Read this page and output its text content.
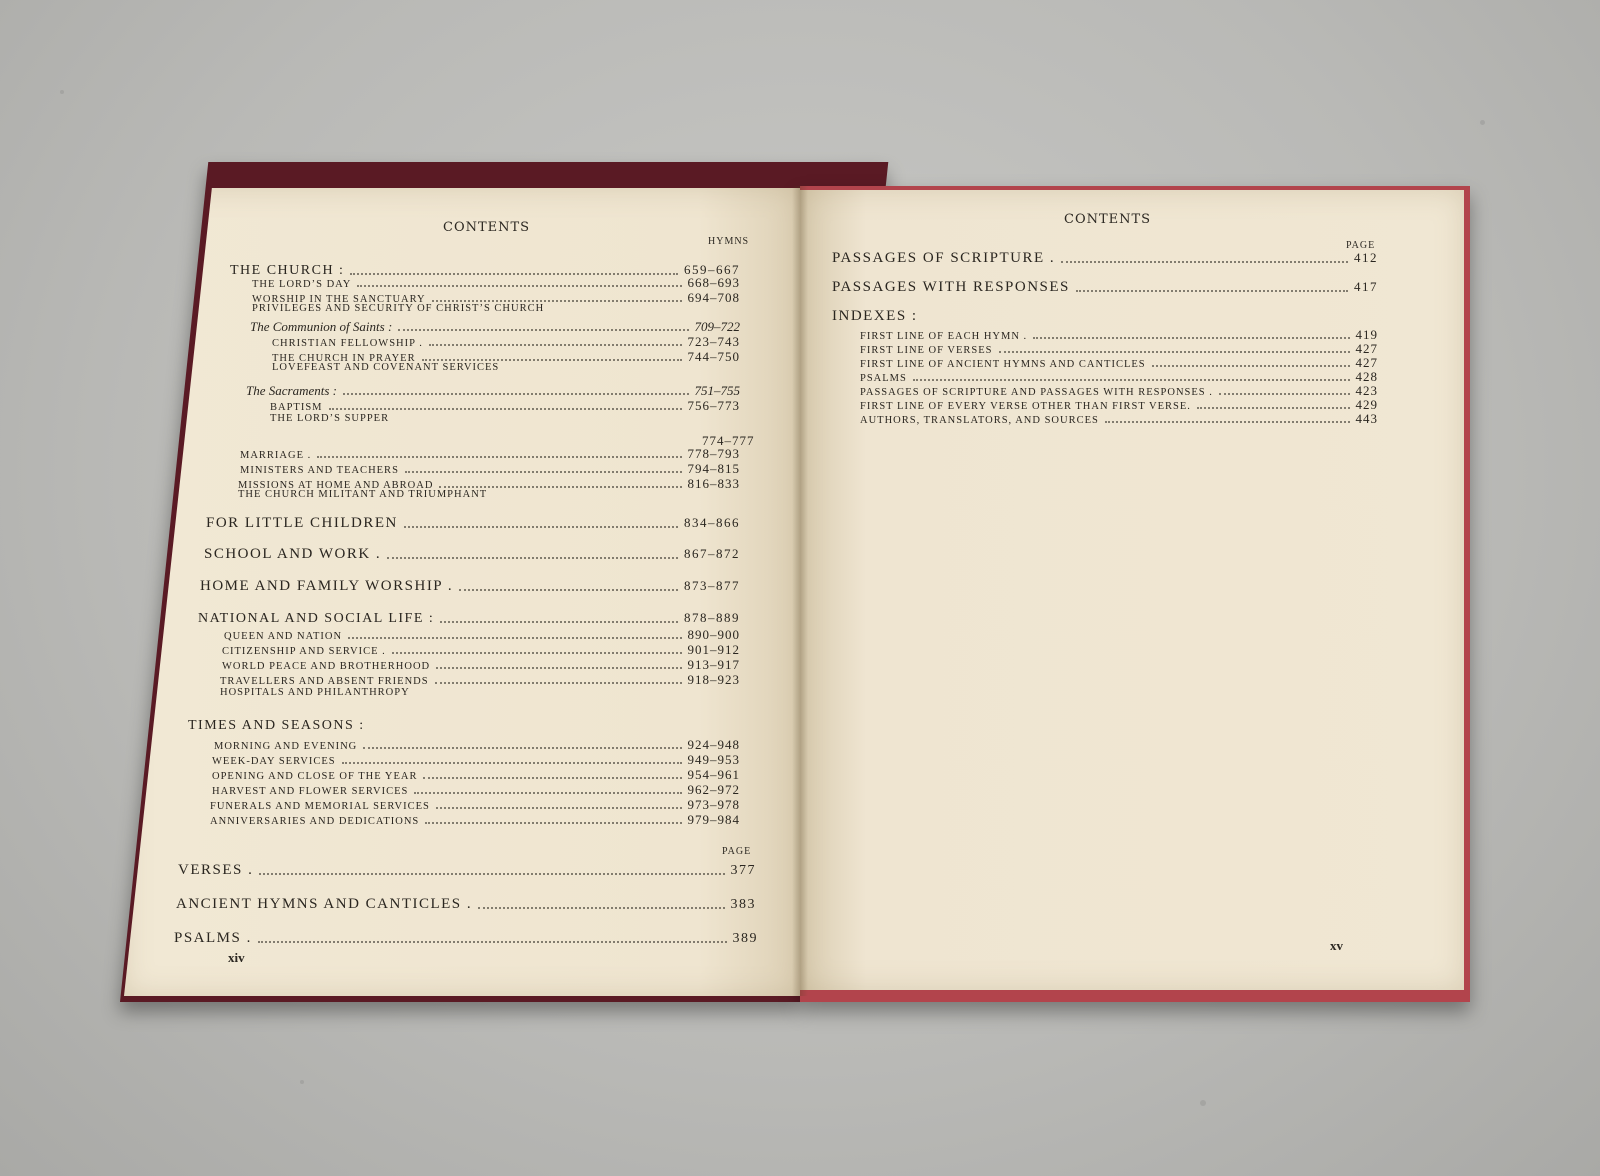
CONTENTS
HYMNS
THE CHURCH :	659–667
THE LORD’S DAY	668–693
WORSHIP IN THE SANCTUARY	694–708
PRIVILEGES AND SECURITY OF CHRIST’S CHURCH
The Communion of Saints :	709–722
CHRISTIAN FELLOWSHIP .	723–743
THE CHURCH IN PRAYER	744–750
LOVEFEAST AND COVENANT SERVICES
The Sacraments :	751–755
BAPTISM	756–773
THE LORD’S SUPPER
774–777
MARRIAGE .	778–793
MINISTERS AND TEACHERS	794–815
MISSIONS AT HOME AND ABROAD	816–833
THE CHURCH MILITANT AND TRIUMPHANT
FOR LITTLE CHILDREN	834–866
SCHOOL AND WORK .	867–872
HOME AND FAMILY WORSHIP .	873–877
NATIONAL AND SOCIAL LIFE :	878–889
QUEEN AND NATION	890–900
CITIZENSHIP AND SERVICE .	901–912
WORLD PEACE AND BROTHERHOOD	913–917
TRAVELLERS AND ABSENT FRIENDS	918–923
HOSPITALS AND PHILANTHROPY
TIMES AND SEASONS :
MORNING AND EVENING	924–948
WEEK-DAY SERVICES	949–953
OPENING AND CLOSE OF THE YEAR	954–961
HARVEST AND FLOWER SERVICES	962–972
FUNERALS AND MEMORIAL SERVICES	973–978
ANNIVERSARIES AND DEDICATIONS	979–984
PAGE
VERSES .	377
ANCIENT HYMNS AND CANTICLES .	383
PSALMS .	389
xiv
CONTENTS
PAGE
PASSAGES OF SCRIPTURE .	412
PASSAGES WITH RESPONSES	417
INDEXES :
FIRST LINE OF EACH HYMN .	419
FIRST LINE OF VERSES	427
FIRST LINE OF ANCIENT HYMNS AND CANTICLES	427
PSALMS	428
PASSAGES OF SCRIPTURE AND PASSAGES WITH RESPONSES .	423
FIRST LINE OF EVERY VERSE OTHER THAN FIRST VERSE.	429
AUTHORS, TRANSLATORS, AND SOURCES	443
xv
